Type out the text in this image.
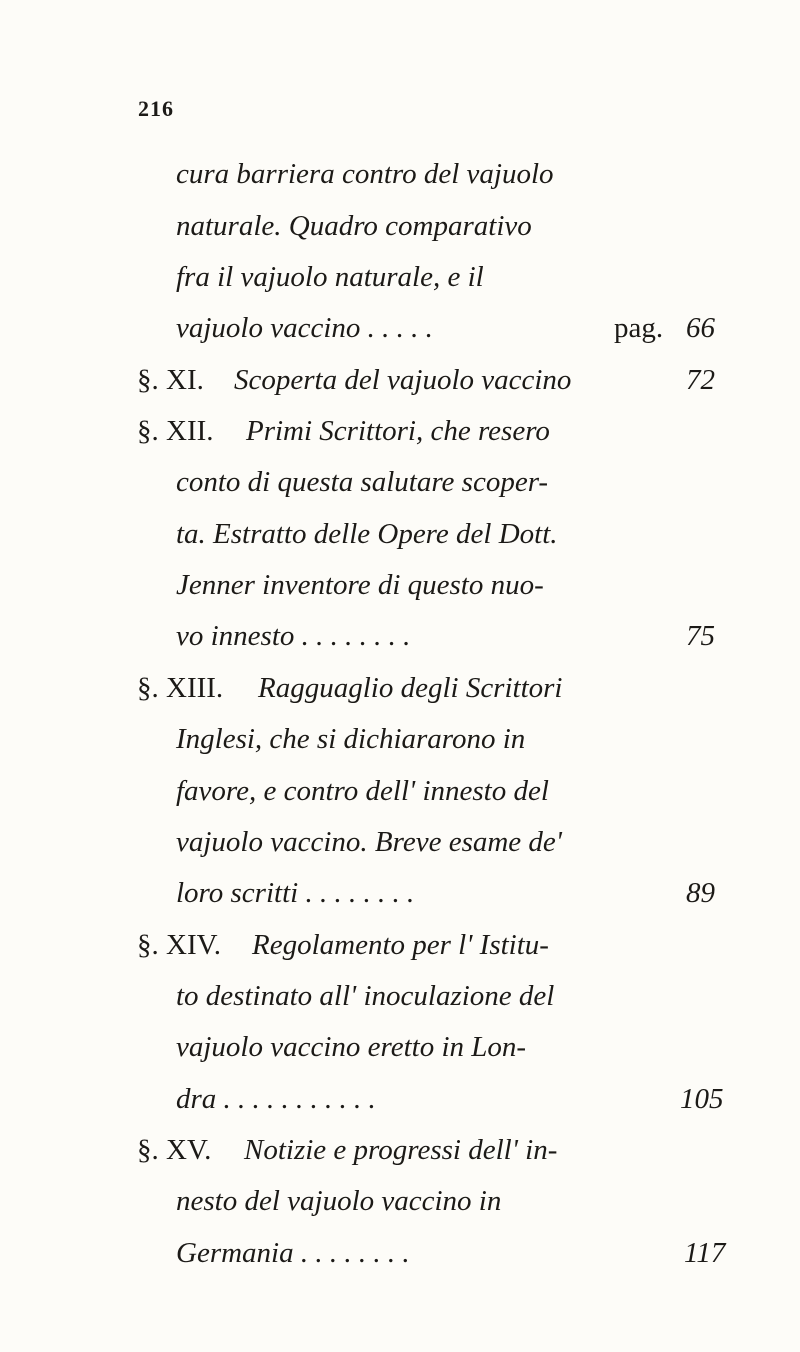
216
cura barriera contro del vajuolo
naturale. Quadro comparativo
fra il vajuolo naturale, e il
vajuolo vaccino . . . . .	pag. 66
§. XI. Scoperta del vajuolo vaccino	72
§. XII. Primi Scrittori, che resero
conto di questa salutare scoper-
ta. Estratto delle Opere del Dott.
Jenner inventore di questo nuo-
vo innesto . . . . . . . .	75
§. XIII. Ragguaglio degli Scrittori
Inglesi, che si dichiararono in
favore, e contro dell' innesto del
vajuolo vaccino. Breve esame de'
loro scritti . . . . . . . .	89
§. XIV. Regolamento per l' Istitu-
to destinato all' inoculazione del
vajuolo vaccino eretto in Lon-
dra . . . . . . . . . . .	105
§. XV. Notizie e progressi dell' in-
nesto del vajuolo vaccino in
Germania . . . . . . . .	117
